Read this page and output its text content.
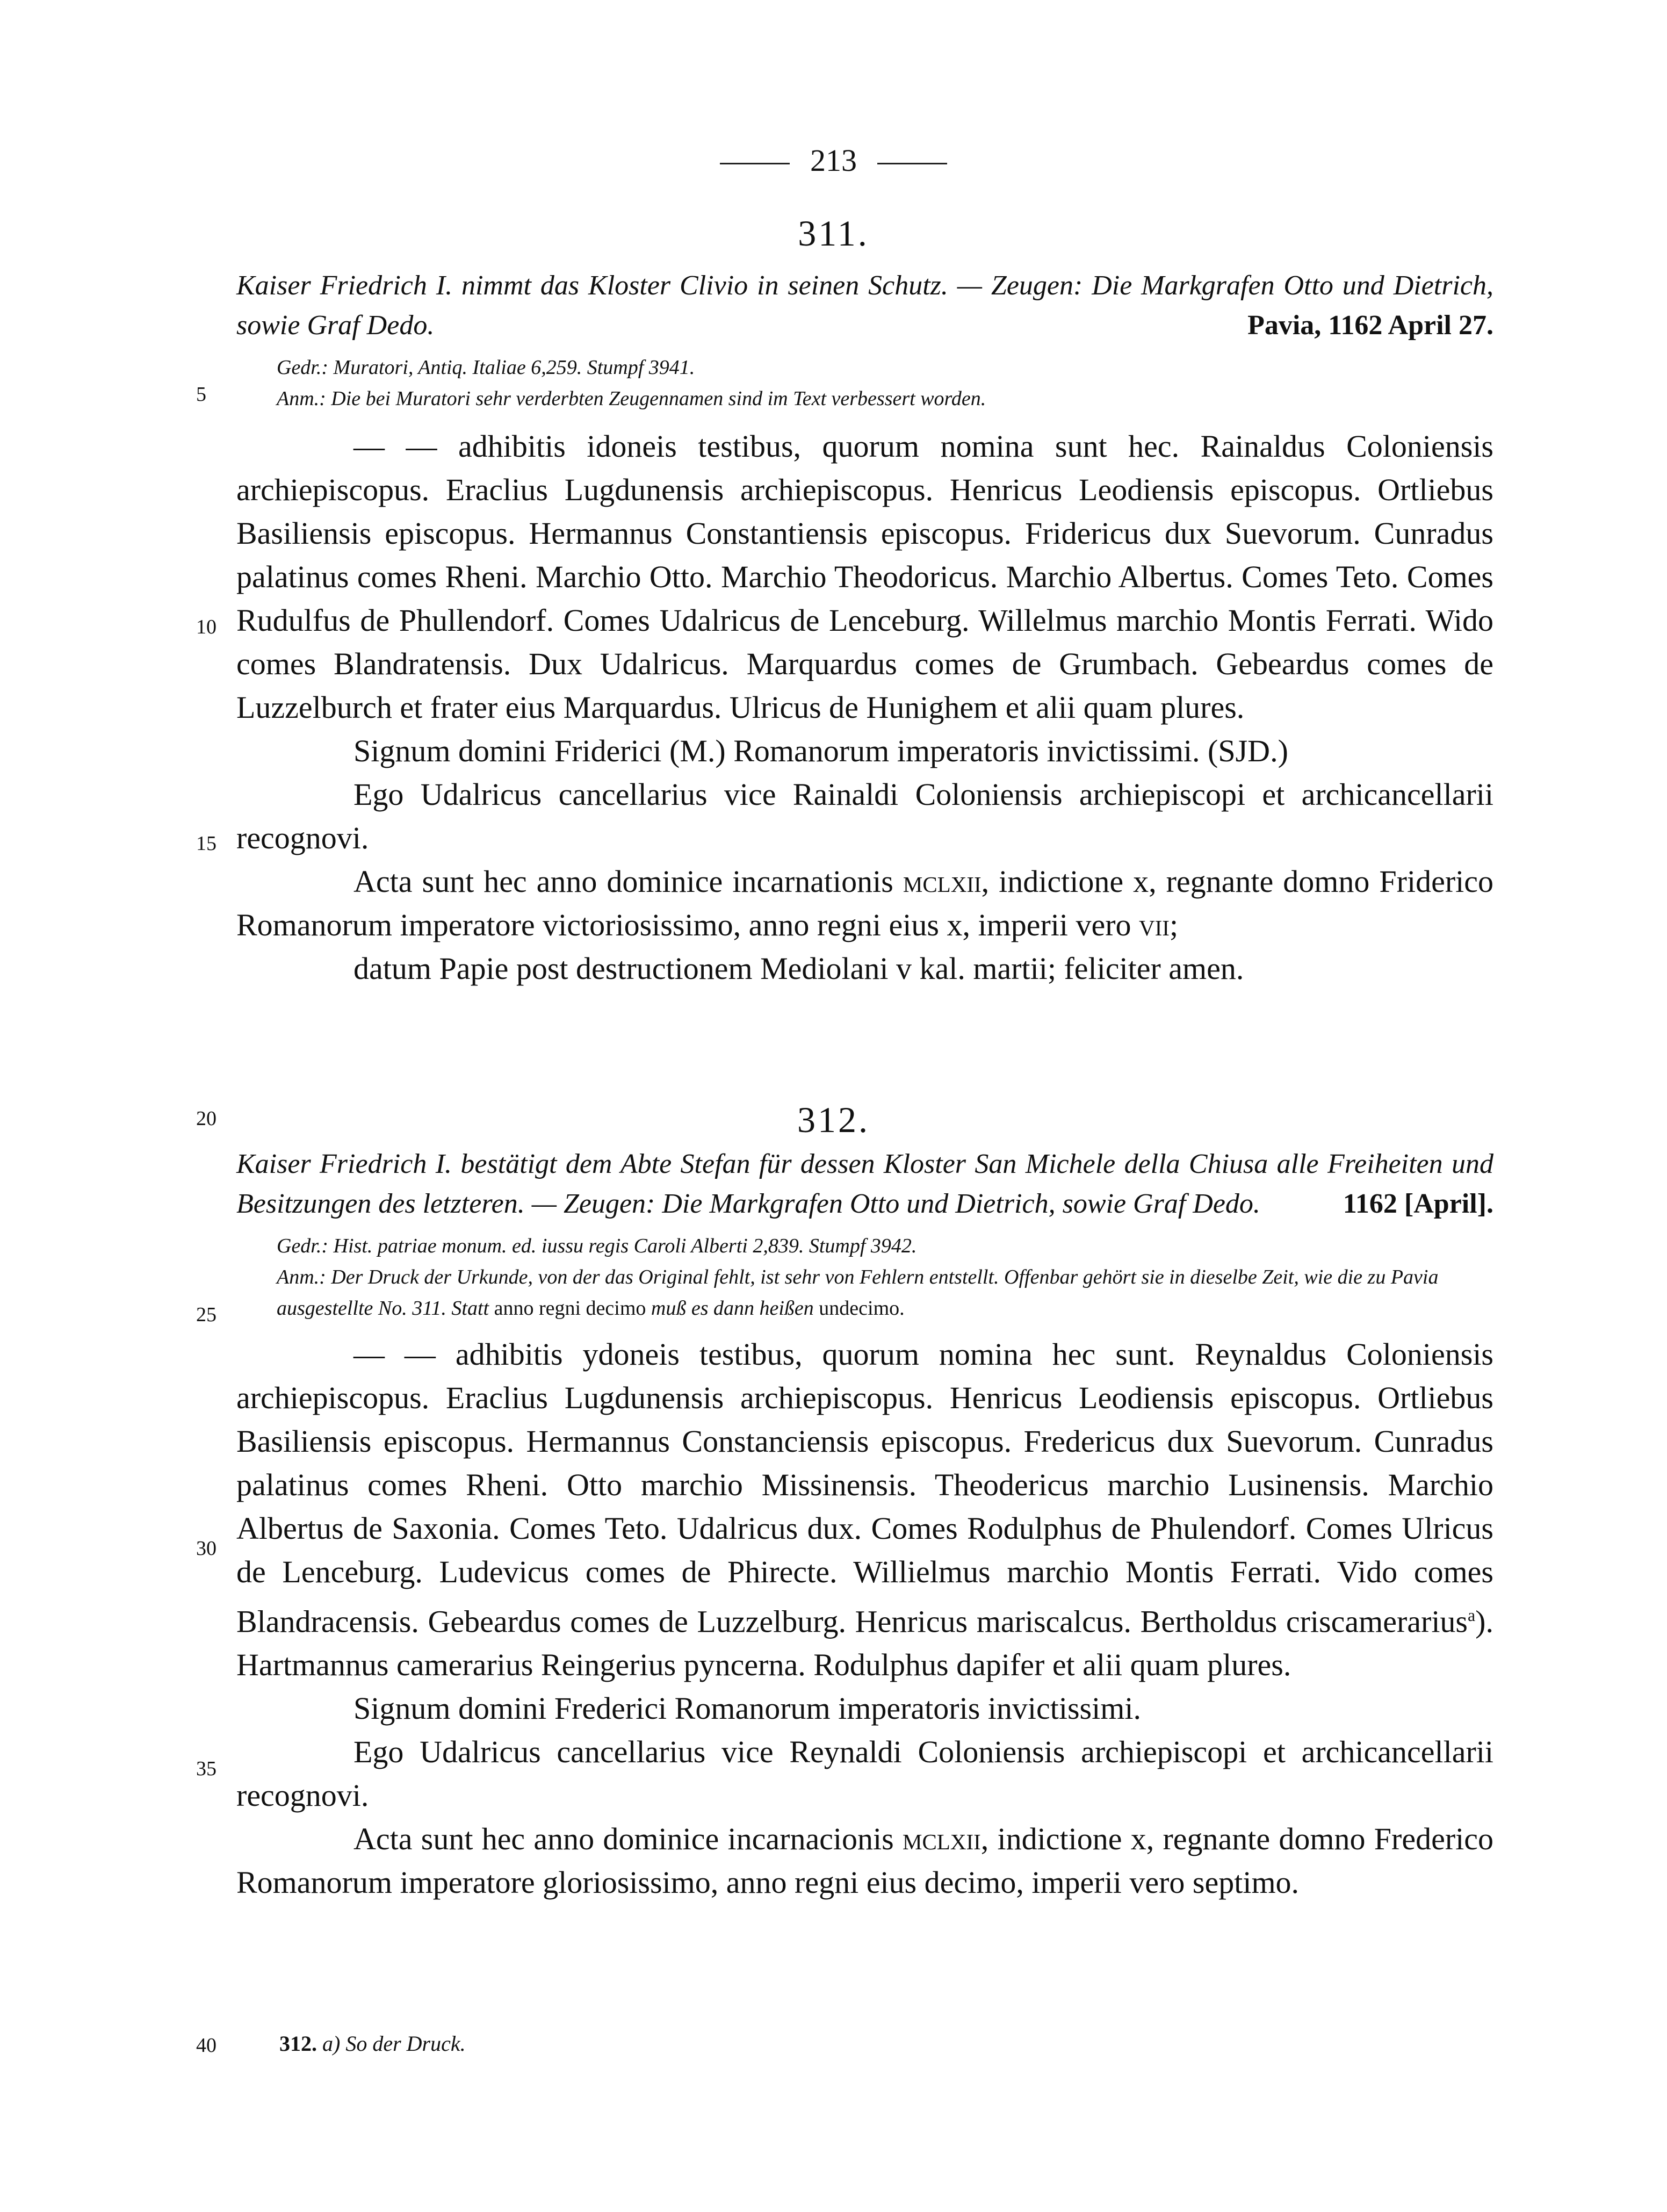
213
311.
Kaiser Friedrich I. nimmt das Kloster Clivio in seinen Schutz. — Zeugen: Die Markgrafen Otto und Dietrich, sowie Graf Dedo.	Pavia, 1162 April 27.
Gedr.: Muratori, Antiq. Italiae 6,259. Stumpf 3941.
Anm.: Die bei Muratori sehr verderbten Zeugennamen sind im Text verbessert worden.

— — adhibitis idoneis testibus, quorum nomina sunt hec. Rainaldus Coloniensis archiepiscopus. Eraclius Lugdunensis archiepiscopus. Henricus Leodiensis episcopus. Ortliebus Basiliensis episcopus. Hermannus Constantiensis episcopus. Fridericus dux Suevorum. Cunradus palatinus comes Rheni. Marchio Otto. Marchio Theodoricus. Marchio Albertus. Comes Teto. Comes Rudulfus de Phullendorf. Comes Udalricus de Lenceburg. Willelmus marchio Montis Ferrati. Wido comes Blandratensis. Dux Udalricus. Marquardus comes de Grumbach. Gebeardus comes de Luzzelburch et frater eius Marquardus. Ulricus de Hunighem et alii quam plures.

Signum domini Friderici (M.) Romanorum imperatoris invictissimi. (SJD.)

Ego Udalricus cancellarius vice Rainaldi Coloniensis archiepiscopi et archicancellarii recognovi.

Acta sunt hec anno dominice incarnationis mclxii, indictione x, regnante domno Friderico Romanorum imperatore victoriosissimo, anno regni eius x, imperii vero vii;

datum Papie post destructionem Mediolani v kal. martii; feliciter amen.

312.
Kaiser Friedrich I. bestätigt dem Abte Stefan für dessen Kloster San Michele della Chiusa alle Freiheiten und Besitzungen des letzteren. — Zeugen: Die Markgrafen Otto und Dietrich, sowie Graf Dedo.	1162 [April].
Gedr.: Hist. patriae monum. ed. iussu regis Caroli Alberti 2,839. Stumpf 3942.
Anm.: Der Druck der Urkunde, von der das Original fehlt, ist sehr von Fehlern entstellt. Offenbar gehört sie in dieselbe Zeit, wie die zu Pavia ausgestellte No. 311. Statt anno regni decimo muß es dann heißen undecimo.

— — adhibitis ydoneis testibus, quorum nomina hec sunt. Reynaldus Coloniensis archiepiscopus. Eraclius Lugdunensis archiepiscopus. Henricus Leodiensis episcopus. Ortliebus Basiliensis episcopus. Hermannus Constanciensis episcopus. Fredericus dux Suevorum. Cunradus palatinus comes Rheni. Otto marchio Missinensis. Theodericus marchio Lusinensis. Marchio Albertus de Saxonia. Comes Teto. Udalricus dux. Comes Rodulphus de Phulendorf. Comes Ulricus de Lenceburg. Ludevicus comes de Phirecte. Willielmus marchio Montis Ferrati. Vido comes Blandracensis. Gebeardus comes de Luzzelburg. Henricus mariscalcus. Bertholdus criscamerarius$^a$). Hartmannus camerarius Reingerius pyncerna. Rodulphus dapifer et alii quam plures.

Signum domini Frederici Romanorum imperatoris invictissimi.

Ego Udalricus cancellarius vice Reynaldi Coloniensis archiepiscopi et archicancellarii recognovi.

Acta sunt hec anno dominice incarnacionis mclxii, indictione x, regnante domno Frederico Romanorum imperatore gloriosissimo, anno regni eius decimo, imperii vero septimo.

5
10
15
20
25
30
35
40	312. a) So der Druck.
